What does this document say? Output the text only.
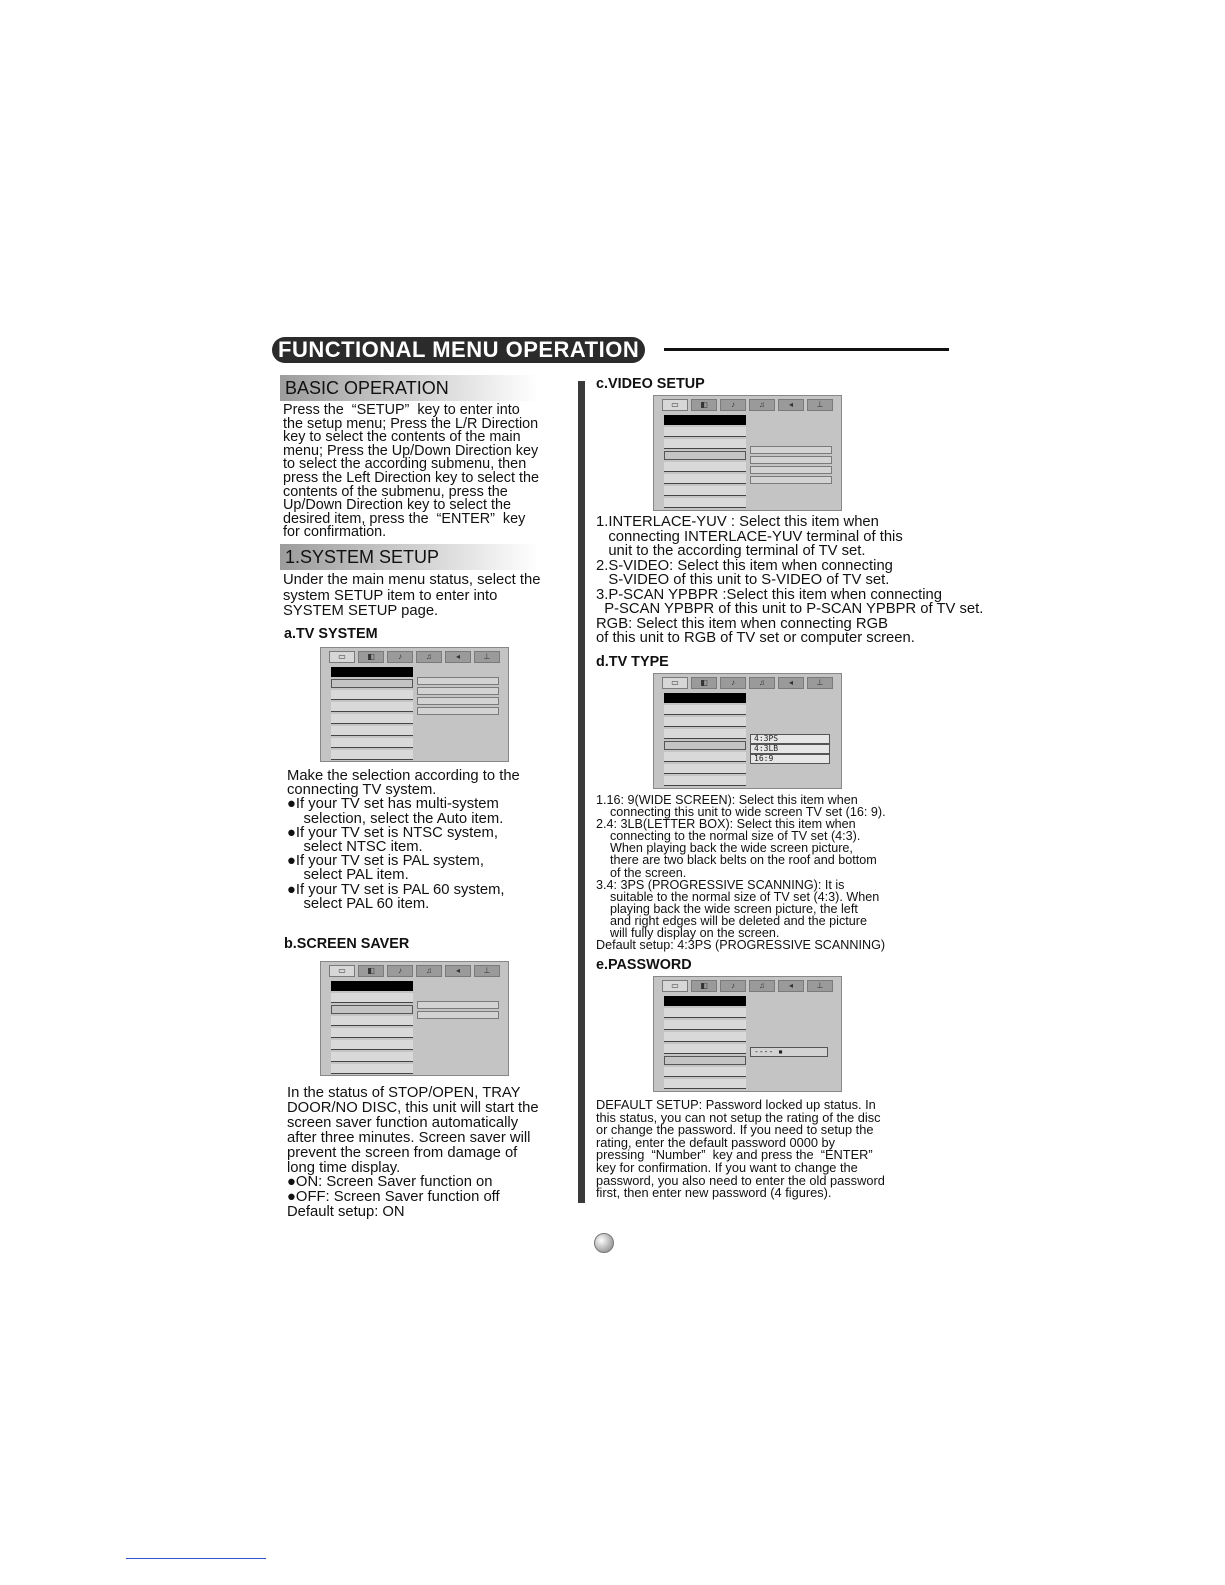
FUNCTIONAL MENU OPERATION
BASIC OPERATION
Press the  “SETUP”  key to enter into
the setup menu; Press the L/R Direction
key to select the contents of the main
menu; Press the Up/Down Direction key
to select the according submenu, then
press the Left Direction key to select the
contents of the submenu, press the
Up/Down Direction key to select the
desired item, press the  “ENTER”  key
for confirmation.
1.SYSTEM SETUP
Under the main menu status, select the
system SETUP item to enter into
SYSTEM SETUP page.
a.TV SYSTEM
▭	◧	♪	♫	◂	⊥
Make the selection according to the
connecting TV system.
●If your TV set has multi-system
selection, select the Auto item.
●If your TV set is NTSC system,
select NTSC item.
●If your TV set is PAL system,
select PAL item.
●If your TV set is PAL 60 system,
select PAL 60 item.
b.SCREEN SAVER
▭	◧	♪	♫	◂	⊥
In the status of STOP/OPEN, TRAY
DOOR/NO DISC, this unit will start the
screen saver function automatically
after three minutes. Screen saver will
prevent the screen from damage of
long time display.
●ON: Screen Saver function on
●OFF: Screen Saver function off
Default setup: ON
c.VIDEO SETUP
▭	◧	♪	♫	◂	⊥
1.INTERLACE-YUV : Select this item when
connecting INTERLACE-YUV terminal of this
unit to the according terminal of TV set.
2.S-VIDEO: Select this item when connecting
S-VIDEO of this unit to S-VIDEO of TV set.
3.P-SCAN YPBPR :Select this item when connecting
P-SCAN YPBPR of this unit to P-SCAN YPBPR of TV set.
RGB: Select this item when connecting RGB
of this unit to RGB of TV set or computer screen.
d.TV TYPE
▭	◧	♪	♫	◂	⊥
4:3PS
4:3LB
16:9
1.16: 9(WIDE SCREEN): Select this item when
connecting this unit to wide screen TV set (16: 9).
2.4: 3LB(LETTER BOX): Select this item when
connecting to the normal size of TV set (4:3).
When playing back the wide screen picture,
there are two black belts on the roof and bottom
of the screen.
3.4: 3PS (PROGRESSIVE SCANNING): It is
suitable to the normal size of TV set (4:3). When
playing back the wide screen picture, the left
and right edges will be deleted and the picture
will fully display on the screen.
Default setup: 4:3PS (PROGRESSIVE SCANNING)
e.PASSWORD
▭	◧	♪	♫	◂	⊥
---- ▪
DEFAULT SETUP: Password locked up status. In
this status, you can not setup the rating of the disc
or change the password. If you need to setup the
rating, enter the default password 0000 by
pressing  “Number”  key and press the  “ENTER”
key for confirmation. If you want to change the
password, you also need to enter the old password
first, then enter new password (4 figures).
